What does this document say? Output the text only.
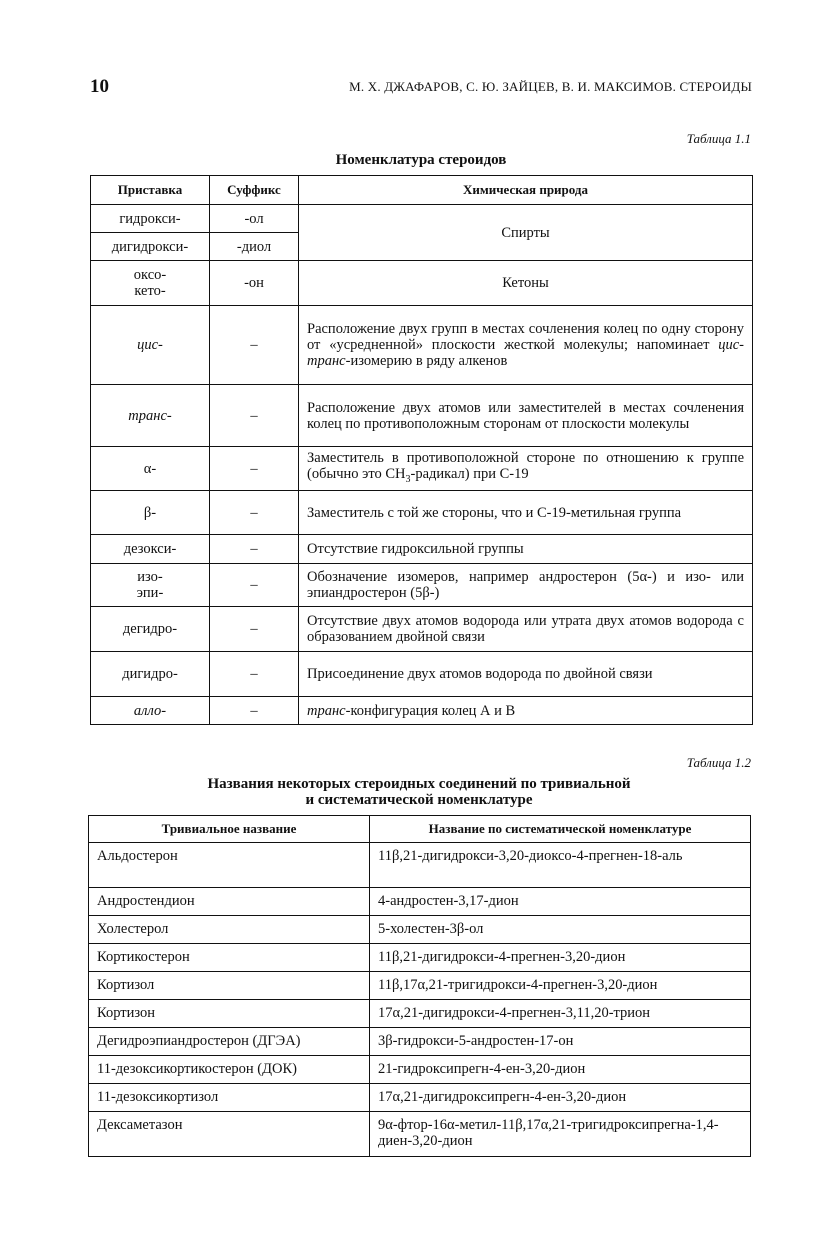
10	М. Х. ДЖАФАРОВ, С. Ю. ЗАЙЦЕВ, В. И. МАКСИМОВ. СТЕРОИДЫ
Таблица 1.1
Номенклатура стероидов
Приставка	Суффикс	Химическая природа
гидрокси-	-ол	Спирты
дигидрокси-	-диол	
оксо-
кето-	-он	Кетоны
цис-	–	Расположение двух групп в местах сочленения колец по одну сторону от «усредненной» плоскости жесткой молекулы; напоминает цис-транс-изомерию в ряду алкенов
транс-	–	Расположение двух атомов или заместителей в местах сочленения колец по противоположным сторонам от плоскости молекулы
α-	–	Заместитель в противоположной стороне по отношению к группе (обычно это $CH_3-радикал$) при С-19
β-	–	Заместитель с той же стороны, что и С-19-метильная группа
дезокси-	–	Отсутствие гидроксильной группы
изо-
эпи-	–	Обозначение изомеров, например андростерон (5α-) и изо- или эпиандростерон (5β-)
дегидро-	–	Отсутствие двух атомов водорода или утрата двух атомов водорода с образованием двойной связи
дигидро-	–	Присоединение двух атомов водорода по двойной связи
алло-	–	транс-конфигурация колец А и В
Таблица 1.2
Названия некоторых стероидных соединений по тривиальной
и систематической номенклатуре
Тривиальное название	Название по систематической номенклатуре
Альдостерон	11β,21-дигидрокси-3,20-диоксо-4-прегнен-18-аль
Андростендион	4-андростен-3,17-дион
Холестерол	5-холестен-3β-ол
Кортикостерон	11β,21-дигидрокси-4-прегнен-3,20-дион
Кортизол	11β,17α,21-тригидрокси-4-прегнен-3,20-дион
Кортизон	17α,21-дигидрокси-4-прегнен-3,11,20-трион
Дегидроэпиандростерон (ДГЭА)	3β-гидрокси-5-андростен-17-он
11-дезоксикортикостерон (ДОК)	21-гидроксипрегн-4-ен-3,20-дион
11-дезоксикортизол	17α,21-дигидроксипрегн-4-ен-3,20-дион
Дексаметазон	9α-фтор-16α-метил-11β,17α,21-тригидроксипрегна-1,4-диен-3,20-дион
